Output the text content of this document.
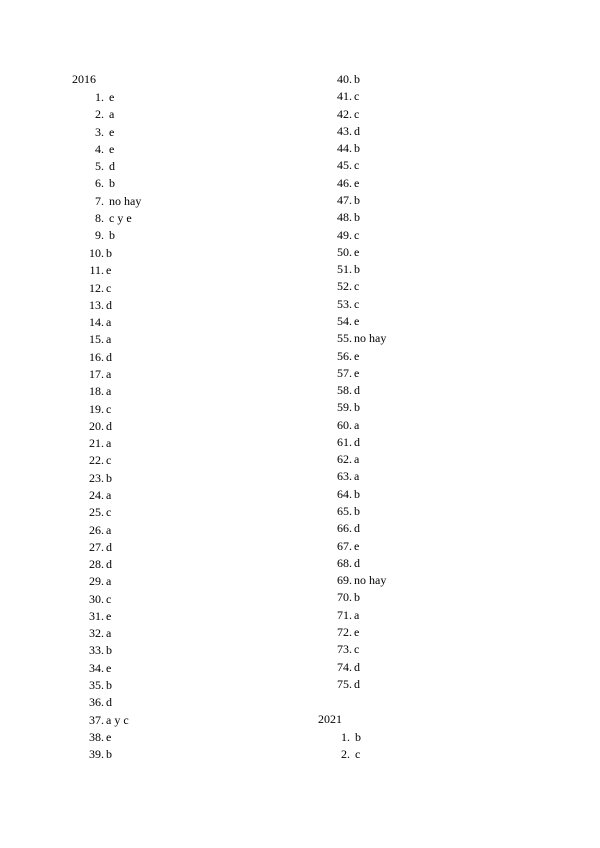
2016
2021
1. e
2. a
3. e
4. e
5. d
6. b
7. no hay
8. c y e
9. b
10. b
11. e
12. c
13. d
14. a
15. a
16. d
17. a
18. a
19. c
20. d
21. a
22. c
23. b
24. a
25. c
26. a
27. d
28. d
29. a
30. c
31. e
32. a
33. b
34. e
35. b
36. d
37. a y c
38. e
39. b
40. b
41. c
42. c
43. d
44. b
45. c
46. e
47. b
48. b
49. c
50. e
51. b
52. c
53. c
54. e
55. no hay
56. e
57. e
58. d
59. b
60. a
61. d
62. a
63. a
64. b
65. b
66. d
67. e
68. d
69. no hay
70. b
71. a
72. e
73. c
74. d
75. d
1. b
2. c
